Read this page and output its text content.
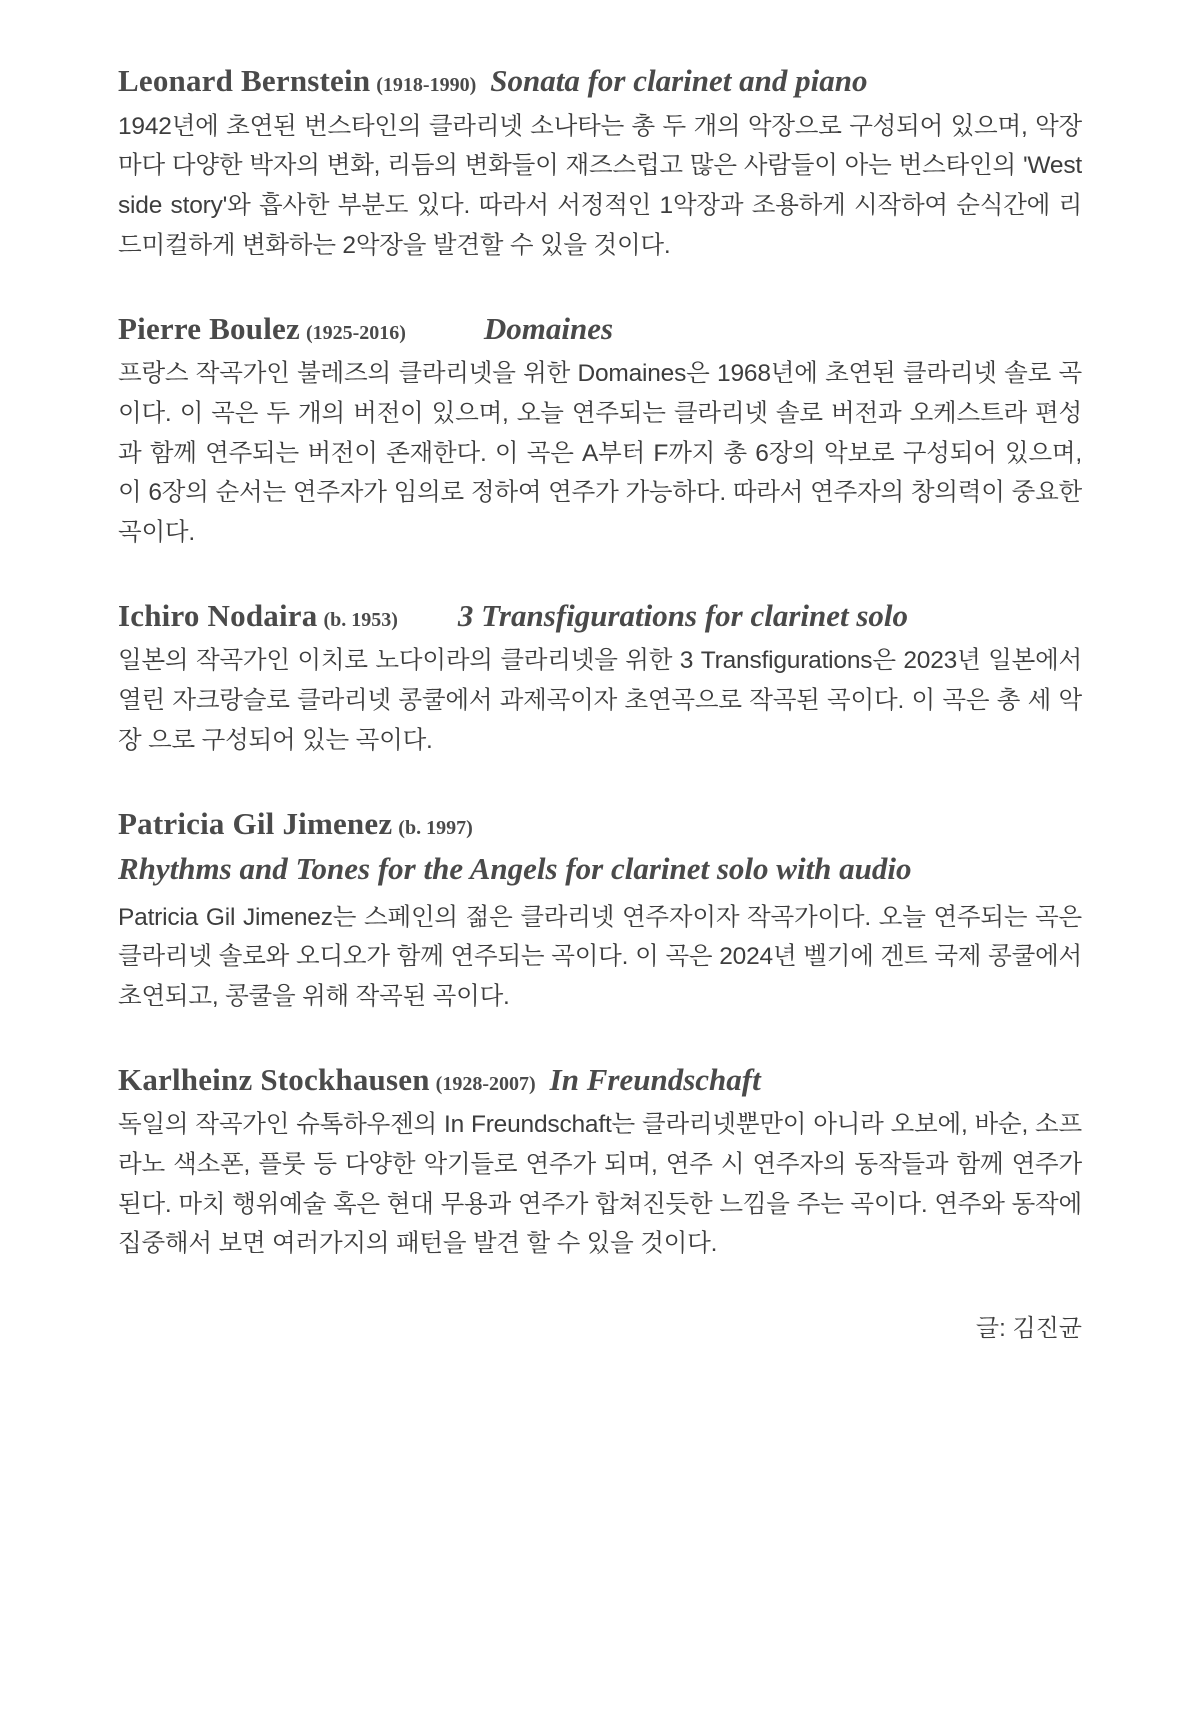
Leonard Bernstein (1918-1990) Sonata for clarinet and piano

1942년에 초연된 번스타인의 클라리넷 소나타는 총 두 개의 악장으로 구성되어 있으며, 악장마다 다양한 박자의 변화, 리듬의 변화들이 재즈스럽고 많은 사람들이 아는 번스타인의 'West side story'와 흡사한 부분도 있다. 따라서 서정적인 1악장과 조용하게 시작하여 순식간에 리드미컬하게 변화하는 2악장을 발견할 수 있을 것이다.

Pierre Boulez (1925-2016)	Domaines

프랑스 작곡가인 불레즈의 클라리넷을 위한 Domaines은 1968년에 초연된 클라리넷 솔로 곡이다. 이 곡은 두 개의 버전이 있으며, 오늘 연주되는 클라리넷 솔로 버전과 오케스트라 편성과 함께 연주되는 버전이 존재한다. 이 곡은 A부터 F까지 총 6장의 악보로 구성되어 있으며, 이 6장의 순서는 연주자가 임의로 정하여 연주가 가능하다. 따라서 연주자의 창의력이 중요한 곡이다.

Ichiro Nodaira (b. 1953) 3 Transfigurations for clarinet solo

일본의 작곡가인 이치로 노다이라의 클라리넷을 위한 3 Transfigurations은 2023년 일본에서 열린 자크랑슬로 클라리넷 콩쿨에서 과제곡이자 초연곡으로 작곡된 곡이다. 이 곡은 총 세 악장 으로 구성되어 있는 곡이다.

Patricia Gil Jimenez (b. 1997)
Rhythms and Tones for the Angels for clarinet solo with audio

Patricia Gil Jimenez는 스페인의 젊은 클라리넷 연주자이자 작곡가이다. 오늘 연주되는 곡은 클라리넷 솔로와 오디오가 함께 연주되는 곡이다. 이 곡은 2024년 벨기에 겐트 국제 콩쿨에서 초연되고, 콩쿨을 위해 작곡된 곡이다.

Karlheinz Stockhausen (1928-2007) In Freundschaft

독일의 작곡가인 슈톡하우젠의 In Freundschaft는 클라리넷뿐만이 아니라 오보에, 바순, 소프라노 색소폰, 플룻 등 다양한 악기들로 연주가 되며, 연주 시 연주자의 동작들과 함께 연주가 된다. 마치 행위예술 혹은 현대 무용과 연주가 합쳐진듯한 느낌을 주는 곡이다. 연주와 동작에 집중해서 보면 여러가지의 패턴을 발견 할 수 있을 것이다.

글: 김진균
